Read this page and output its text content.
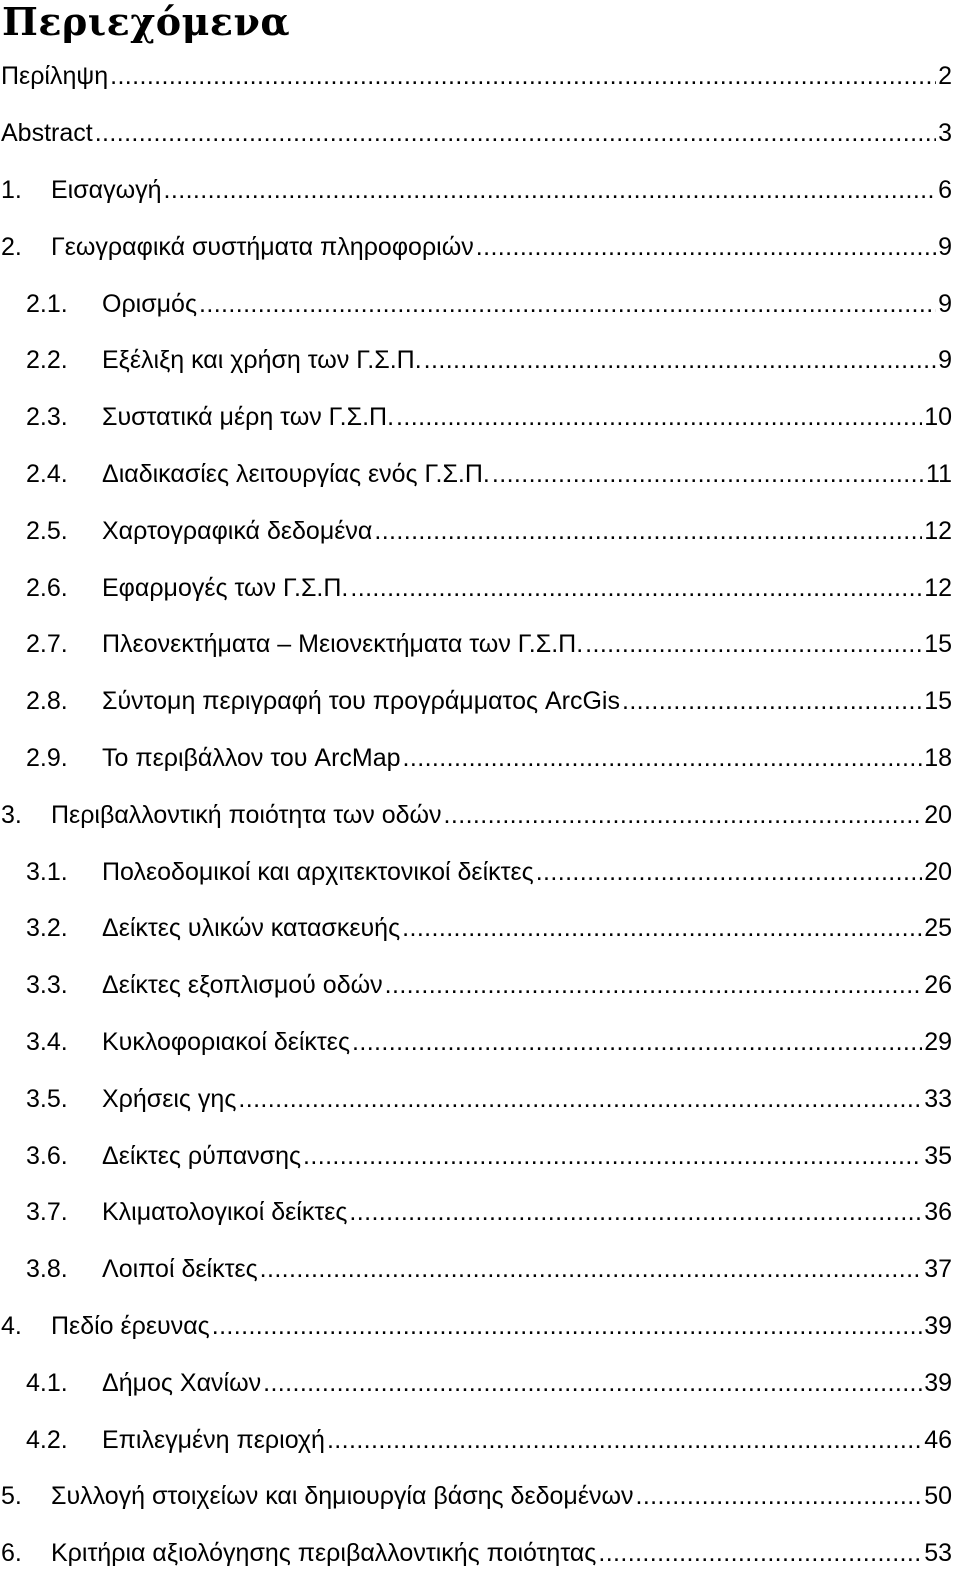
Περιεχόμενα
Περίληψη .....	2
Abstract .....	3
1.	Εισαγωγή .....	6
2.	Γεωγραφικά συστήματα πληροφοριών .....	9
2.1.	Ορισμός .....	9
2.2.	Εξέλιξη και χρήση των Γ.Σ.Π. .....	9
2.3.	Συστατικά μέρη των Γ.Σ.Π. .....	10
2.4.	Διαδικασίες λειτουργίας ενός Γ.Σ.Π. .....	11
2.5.	Χαρτογραφικά δεδομένα .....	12
2.6.	Εφαρμογές των Γ.Σ.Π. .....	12
2.7.	Πλεονεκτήματα – Μειονεκτήματα των Γ.Σ.Π. .....	15
2.8.	Σύντομη περιγραφή του προγράμματος ArcGis .....	15
2.9.	Το περιβάλλον του ArcMap .....	18
3.	Περιβαλλοντική ποιότητα των οδών .....	20
3.1.	Πολεοδομικοί και αρχιτεκτονικοί δείκτες .....	20
3.2.	Δείκτες υλικών κατασκευής .....	25
3.3.	Δείκτες εξοπλισμού οδών .....	26
3.4.	Κυκλοφοριακοί δείκτες .....	29
3.5.	Χρήσεις γης .....	33
3.6.	Δείκτες ρύπανσης .....	35
3.7.	Κλιματολογικοί δείκτες .....	36
3.8.	Λοιποί δείκτες .....	37
4.	Πεδίο έρευνας .....	39
4.1.	Δήμος Χανίων .....	39
4.2.	Επιλεγμένη περιοχή .....	46
5.	Συλλογή στοιχείων και δημιουργία βάσης δεδομένων .....	50
6.	Κριτήρια αξιολόγησης περιβαλλοντικής ποιότητας .....	53
